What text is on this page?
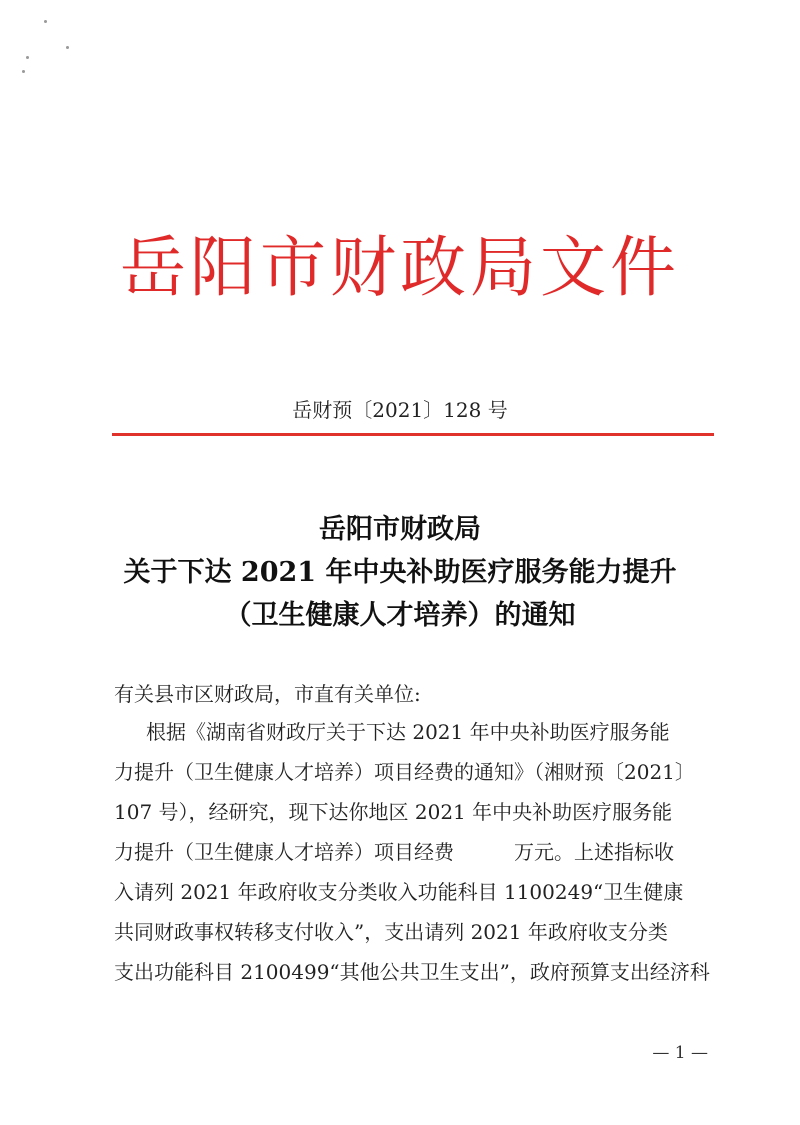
岳阳市财政局文件
岳财预〔2021〕128 号
岳阳市财政局
关于下达 2021 年中央补助医疗服务能力提升
（卫生健康人才培养）的通知
有关县市区财政局，市直有关单位:
根据《湖南省财政厅关于下达 2021 年中央补助医疗服务能
力提升（卫生健康人才培养）项目经费的通知》（湘财预〔2021〕
107 号），经研究，现下达你地区 2021 年中央补助医疗服务能
力提升（卫生健康人才培养）项目经费　　　万元。上述指标收
入请列 2021 年政府收支分类收入功能科目 1100249“卫生健康
共同财政事权转移支付收入”，支出请列 2021 年政府收支分类
支出功能科目 2100499“其他公共卫生支出”，政府预算支出经济科
— 1 —
